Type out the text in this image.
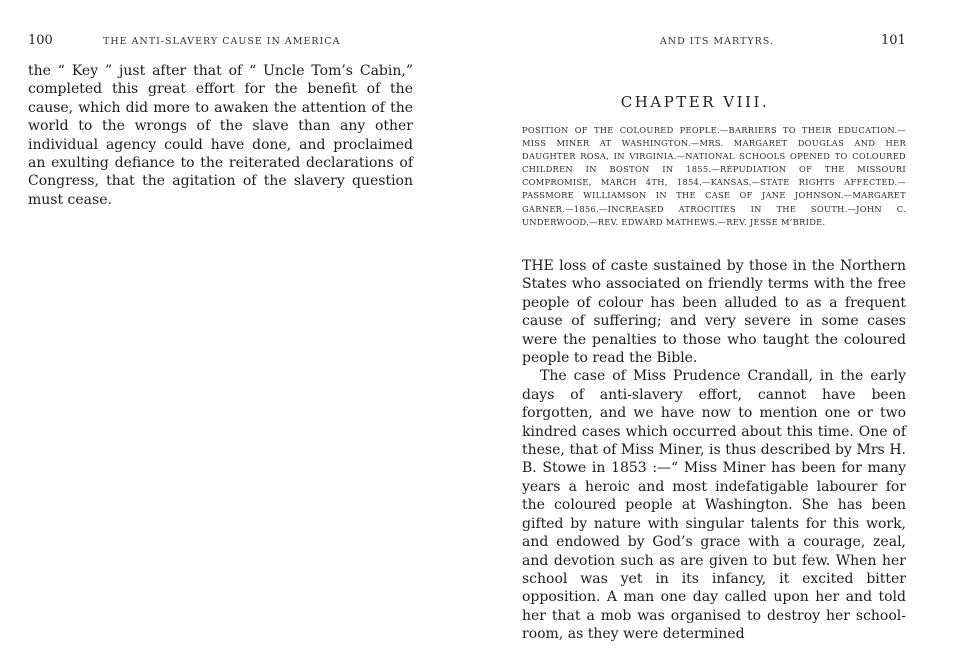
100	THE ANTI-SLAVERY CAUSE IN AMERICA

the “ Key ” just after that of “ Uncle Tom’s Cabin,” completed this great effort for the benefit of the cause, which did more to awaken the attention of the world to the wrongs of the slave than any other individual agency could have done, and proclaimed an exulting defiance to the reiterated declarations of Congress, that the agitation of the slavery question must cease.

AND ITS MARTYRS.	101
CHAPTER VIII.

POSITION OF THE COLOURED PEOPLE.—BARRIERS TO THEIR EDUCATION.—MISS MINER AT WASHINGTON.—MRS. MARGARET DOUGLAS AND HER DAUGHTER ROSA, IN VIRGINIA.—NATIONAL SCHOOLS OPENED TO COLOURED CHILDREN IN BOSTON IN 1855.—REPUDIATION OF THE MISSOURI COMPROMISE, MARCH 4TH, 1854.—KANSAS.—STATE RIGHTS AFFECTED.—PASSMORE WILLIAMSON IN THE CASE OF JANE JOHNSON.—MARGARET GARNER.—1856.—INCREASED ATROCITIES IN THE SOUTH.—JOHN C. UNDERWOOD.—REV. EDWARD MATHEWS.—REV. JESSE M’BRIDE.

THE loss of caste sustained by those in the Northern States who associated on friendly terms with the free people of colour has been alluded to as a frequent cause of suffering; and very severe in some cases were the penalties to those who taught the coloured people to read the Bible.

The case of Miss Prudence Crandall, in the early days of anti-slavery effort, cannot have been forgotten, and we have now to mention one or two kindred cases which occurred about this time. One of these, that of Miss Miner, is thus described by Mrs H. B. Stowe in 1853 :—“ Miss Miner has been for many years a heroic and most indefatigable labourer for the coloured people at Washington. She has been gifted by nature with singular talents for this work, and endowed by God’s grace with a courage, zeal, and devotion such as are given to but few. When her school was yet in its infancy, it excited bitter opposition. A man one day called upon her and told her that a mob was organised to destroy her school-room, as they were determined
